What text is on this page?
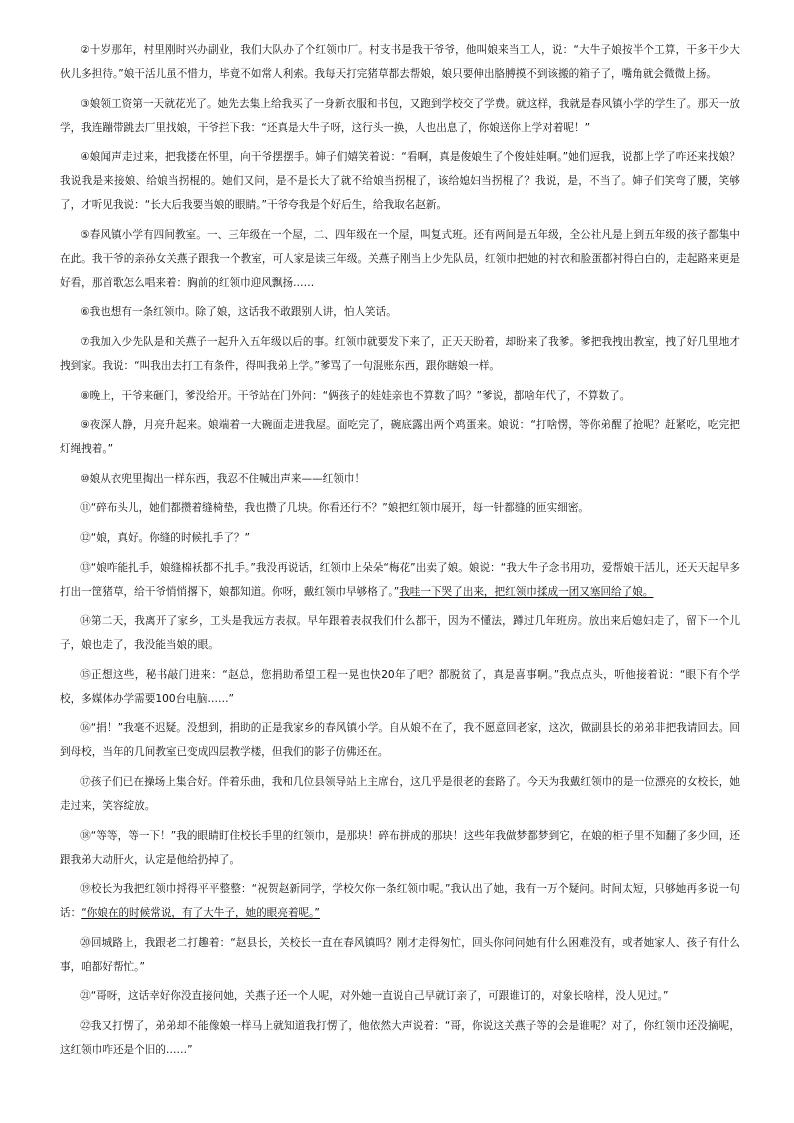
②十岁那年，村里刚时兴办副业，我们大队办了个红领巾厂。村支书是我干爷爷，他叫娘来当工人，说：“大牛子娘按半个工算，干多干少大伙儿多担待。”娘干活儿虽不惜力，毕竟不如常人利索。我每天打完猪草都去帮娘，娘只要伸出胳膊摸不到该搬的箱子了，嘴角就会微微上扬。

③娘领工资第一天就花光了。她先去集上给我买了一身新衣服和书包，又跑到学校交了学费。就这样，我就是春风镇小学的学生了。那天一放学，我连蹦带跳去厂里找娘，干爷拦下我：“还真是大牛子呀，这行头一换，人也出息了，你娘送你上学对着呢！”

④娘闻声走过来，把我搂在怀里，向干爷摆摆手。婶子们嬉笑着说：“看啊，真是俊娘生了个俊娃娃啊。”她们逗我，说都上学了咋还来找娘？我说我是来接娘、给娘当拐棍的。她们又问，是不是长大了就不给娘当拐棍了，该给媳妇当拐棍了？我说，是，不当了。婶子们笑弯了腰，笑够了，才听见我说：“长大后我要当娘的眼睛。”干爷夸我是个好后生，给我取名赵新。

⑤春风镇小学有四间教室。一、三年级在一个屋，二、四年级在一个屋，叫复式班。还有两间是五年级，全公社凡是上到五年级的孩子都集中在此。我干爷的亲孙女关燕子跟我一个教室，可人家是读三年级。关燕子刚当上少先队员，红领巾把她的衬衣和脸蛋都衬得白白的，走起路来更是好看，那首歌怎么唱来着：胸前的红领巾迎风飘扬……

⑥我也想有一条红领巾。除了娘，这话我不敢跟别人讲，怕人笑话。

⑦我加入少先队是和关燕子一起升入五年级以后的事。红领巾就要发下来了，正天天盼着，却盼来了我爹。爹把我拽出教室，拽了好几里地才拽到家。我说：“叫我出去打工有条件，得叫我弟上学。”爹骂了一句混账东西，跟你瞎娘一样。

⑧晚上，干爷来砸门，爹没给开。干爷站在门外问：“俩孩子的娃娃亲也不算数了吗？”爹说，都啥年代了，不算数了。

⑨夜深人静，月亮升起来。娘端着一大碗面走进我屋。面吃完了，碗底露出两个鸡蛋来。娘说：“打啥愣，等你弟醒了抢呢？赶紧吃，吃完把灯绳拽着。”

⑩娘从衣兜里掏出一样东西，我忍不住喊出声来——红领巾！

⑪“碎布头儿，她们都攒着缝椅垫，我也攒了几块。你看还行不？”娘把红领巾展开，每一针都缝的匝实细密。

⑫“娘，真好。你缝的时候扎手了？”

⑬“娘咋能扎手，娘缝棉袄都不扎手。”我没再说话，红领巾上朵朵“梅花”出卖了娘。娘说：“我大牛子念书用功，爱帮娘干活儿，还天天起早多打出一筐猪草，给干爷悄悄撂下，娘都知道。你呀，戴红领巾早够格了。”我哇一下哭了出来，把红领巾揉成一团又塞回给了娘。

⑭第二天，我离开了家乡，工头是我远方表叔。早年跟着表叔我们什么都干，因为不懂法，蹲过几年班房。放出来后媳妇走了，留下一个儿子，娘也走了，我没能当娘的眼。

⑮正想这些，秘书敲门进来：“赵总，您捐助希望工程一晃也快20年了吧？都脱贫了，真是喜事啊。”我点点头，听他接着说：“眼下有个学校，多媒体办学需要100台电脑……”

⑯“捐！”我毫不迟疑。没想到，捐助的正是我家乡的春风镇小学。自从娘不在了，我不愿意回老家，这次，做副县长的弟弟非把我请回去。回到母校，当年的几间教室已变成四层教学楼，但我们的影子仿佛还在。

⑰孩子们已在操场上集合好。伴着乐曲，我和几位县领导站上主席台，这几乎是很老的套路了。今天为我戴红领巾的是一位漂亮的女校长，她走过来，笑容绽放。

⑱“等等，等一下！”我的眼睛盯住校长手里的红领巾，是那块！碎布拼成的那块！这些年我做梦都梦到它，在娘的柜子里不知翻了多少回，还跟我弟大动肝火，认定是他给扔掉了。

⑲校长为我把红领巾捋得平平整整：“祝贺赵新同学，学校欠你一条红领巾呢。”我认出了她，我有一万个疑问。时间太短，只够她再多说一句话：“你娘在的时候常说，有了大牛子，她的眼亮着呢。”

⑳回城路上，我跟老二打趣着：“赵县长，关校长一直在春风镇吗？刚才走得匆忙，回头你问问她有什么困难没有，或者她家人、孩子有什么事，咱都好帮忙。”

㉑“哥呀，这话幸好你没直接问她，关燕子还一个人呢，对外她一直说自己早就订亲了，可跟谁订的，对象长啥样，没人见过。”

㉒我又打愣了，弟弟却不能像娘一样马上就知道我打愣了，他依然大声说着：“哥，你说这关燕子等的会是谁呢？对了，你红领巾还没摘呢，这红领巾咋还是个旧的……”
